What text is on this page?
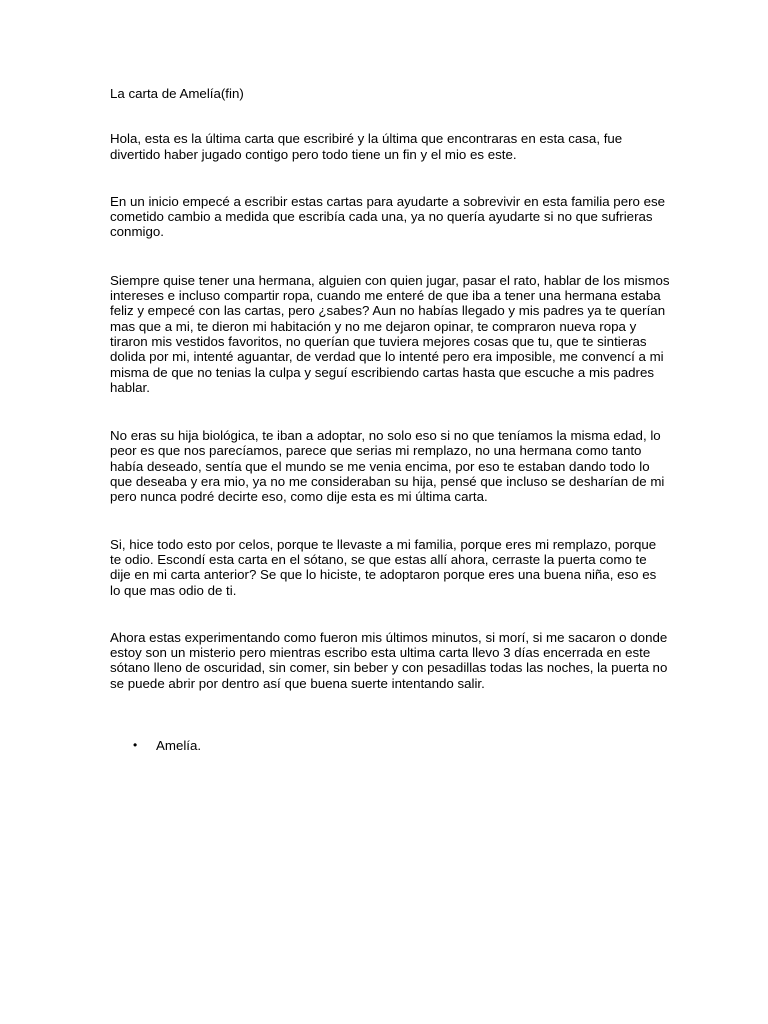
La carta de Amelía(fin)

Hola, esta es la última carta que escribiré y la última que encontraras en esta casa, fue divertido haber jugado contigo pero todo tiene un fin y el mio es este.

En un inicio empecé a escribir estas cartas para ayudarte a sobrevivir en esta familia pero ese cometido cambio a medida que escribía cada una, ya no quería ayudarte si no que sufrieras conmigo.

Siempre quise tener una hermana, alguien con quien jugar, pasar el rato, hablar de los mismos intereses e incluso compartir ropa, cuando me enteré de que iba a tener una hermana estaba feliz y empecé con las cartas, pero ¿sabes? Aun no habías llegado y mis padres ya te querían mas que a mi, te dieron mi habitación y no me dejaron opinar, te compraron nueva ropa y tiraron mis vestidos favoritos, no querían que tuviera mejores cosas que tu, que te sintieras dolida por mi, intenté aguantar, de verdad que lo intenté pero era imposible, me convencí a mi misma de que no tenias la culpa y seguí escribiendo cartas hasta que escuche a mis padres hablar.

No eras su hija biológica, te iban a adoptar, no solo eso si no que teníamos la misma edad, lo peor es que nos parecíamos, parece que serias mi remplazo, no una hermana como tanto había deseado, sentía que el mundo se me venia encima, por eso te estaban dando todo lo que deseaba y era mio, ya no me consideraban su hija, pensé que incluso se desharían de mi pero nunca podré decirte eso, como dije esta es mi última carta.

Si, hice todo esto por celos, porque te llevaste a mi familia, porque eres mi remplazo, porque te odio. Escondí esta carta en el sótano, se que estas allí ahora, cerraste la puerta como te dije en mi carta anterior? Se que lo hiciste, te adoptaron porque eres una buena niña, eso es lo que mas odio de ti.

Ahora estas experimentando como fueron mis últimos minutos, si morí, si me sacaron o donde estoy son un misterio pero mientras escribo esta ultima carta llevo 3 días encerrada en este sótano lleno de oscuridad, sin comer, sin beber y con pesadillas todas las noches, la puerta no se puede abrir por dentro así que buena suerte intentando salir.

• Amelía.
